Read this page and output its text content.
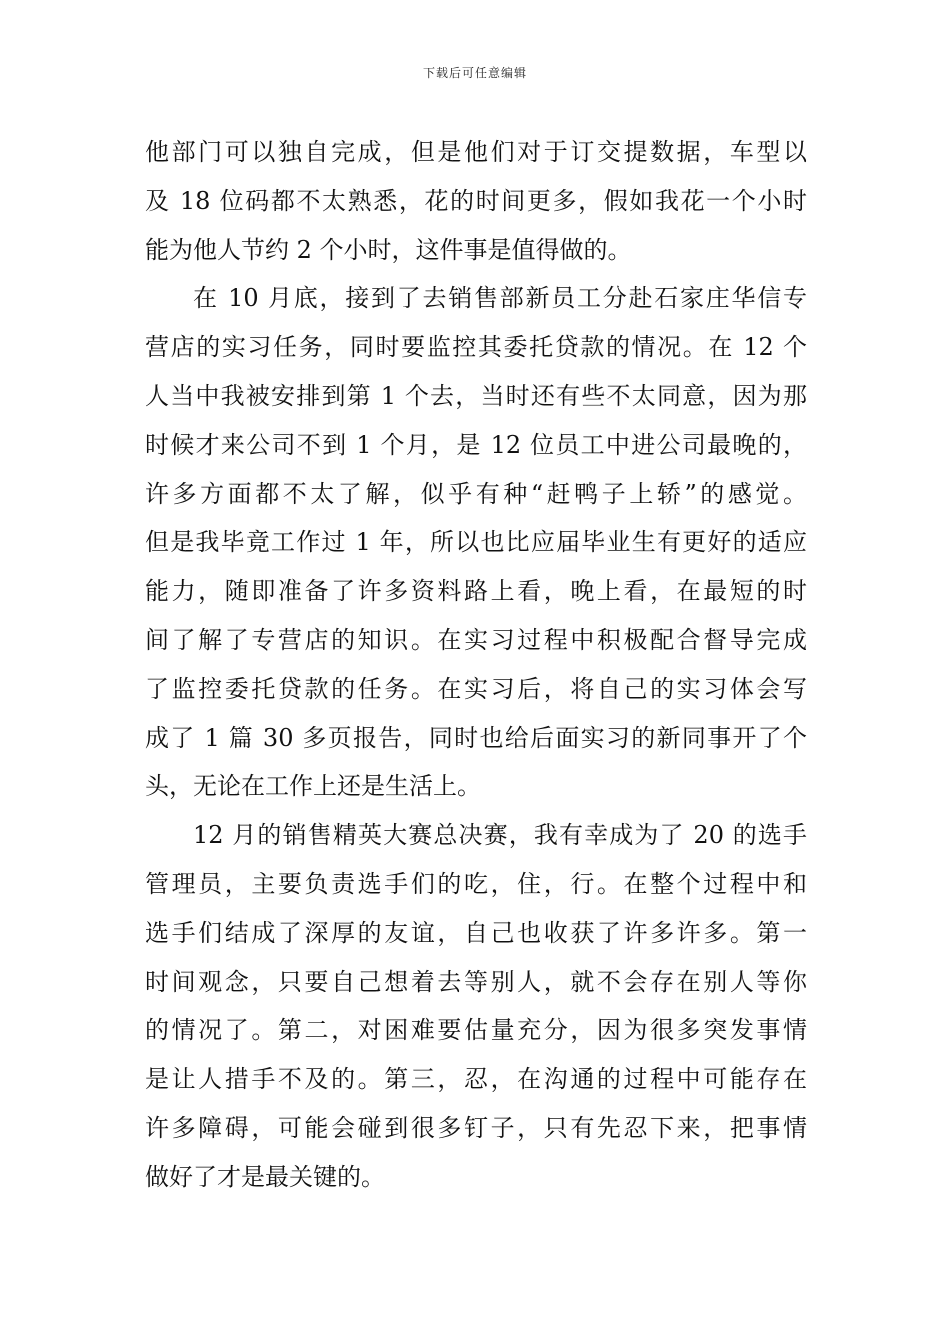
下载后可任意编辑
他部门可以独自完成，但是他们对于订交提数据，车型以
及 18 位码都不太熟悉，花的时间更多，假如我花一个小时
能为他人节约 2 个小时，这件事是值得做的。
在 10 月底，接到了去销售部新员工分赴石家庄华信专
营店的实习任务，同时要监控其委托贷款的情况。在 12 个
人当中我被安排到第 1 个去，当时还有些不太同意，因为那
时候才来公司不到 1 个月，是 12 位员工中进公司最晚的，
许多方面都不太了解，似乎有种“赶鸭子上轿”的感觉。
但是我毕竟工作过 1 年，所以也比应届毕业生有更好的适应
能力，随即准备了许多资料路上看，晚上看，在最短的时
间了解了专营店的知识。在实习过程中积极配合督导完成
了监控委托贷款的任务。在实习后，将自己的实习体会写
成了 1 篇 30 多页报告，同时也给后面实习的新同事开了个
头，无论在工作上还是生活上。
12 月的销售精英大赛总决赛，我有幸成为了 20 的选手
管理员，主要负责选手们的吃，住，行。在整个过程中和
选手们结成了深厚的友谊，自己也收获了许多许多。第一
时间观念，只要自己想着去等别人，就不会存在别人等你
的情况了。第二，对困难要估量充分，因为很多突发事情
是让人措手不及的。第三，忍，在沟通的过程中可能存在
许多障碍，可能会碰到很多钉子，只有先忍下来，把事情
做好了才是最关键的。
